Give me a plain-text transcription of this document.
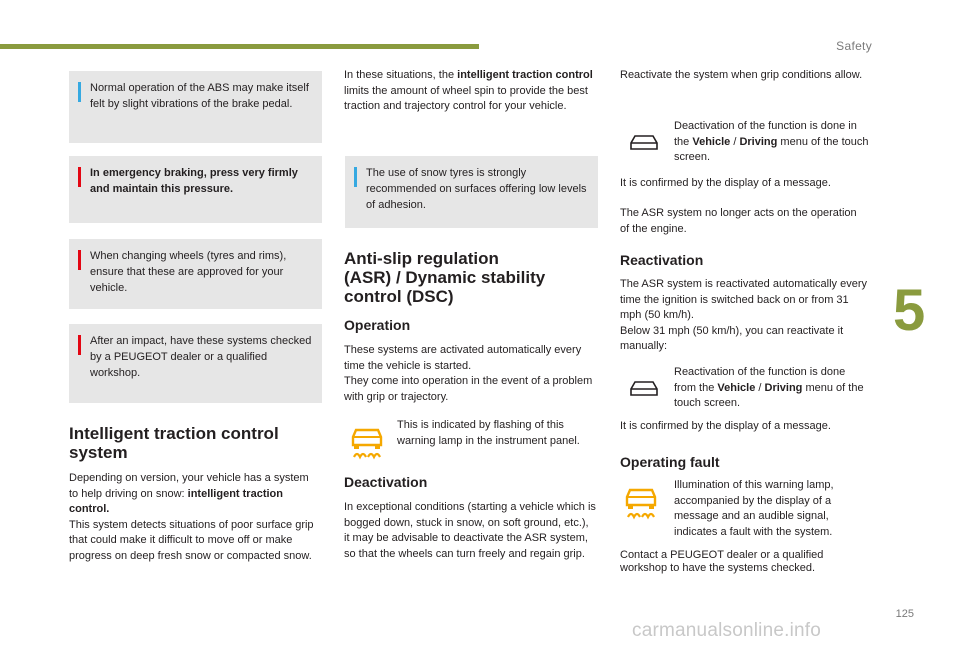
Safety
5
125
carmanualsonline.info

Normal operation of the ABS may make itself felt by slight vibrations of the brake pedal.

In emergency braking, press very firmly and maintain this pressure.

When changing wheels (tyres and rims), ensure that these are approved for your vehicle.

After an impact, have these systems checked by a PEUGEOT dealer or a qualified workshop.

Intelligent traction control
system
Depending on version, your vehicle has a system to help driving on snow: intelligent traction control.
This system detects situations of poor surface grip that could make it difficult to move off or make progress on deep fresh snow or compacted snow.
In these situations, the intelligent traction control limits the amount of wheel spin to provide the best traction and trajectory control for your vehicle.

The use of snow tyres is strongly recommended on surfaces offering low levels of adhesion.

Anti-slip regulation
(ASR) / Dynamic stability
control (DSC)
Operation
These systems are activated automatically every time the vehicle is started.
They come into operation in the event of a problem with grip or trajectory.
This is indicated by flashing of this warning lamp in the instrument panel.
Deactivation
In exceptional conditions (starting a vehicle which is bogged down, stuck in snow, on soft ground, etc.), it may be advisable to deactivate the ASR system, so that the wheels can turn freely and regain grip.
Reactivate the system when grip conditions allow.
Deactivation of the function is done in the Vehicle / Driving menu of the touch screen.
It is confirmed by the display of a message.
The ASR system no longer acts on the operation of the engine.
Reactivation
The ASR system is reactivated automatically every time the ignition is switched back on or from 31 mph (50 km/h).
Below 31 mph (50 km/h), you can reactivate it manually:
Reactivation of the function is done from the Vehicle / Driving menu of the touch screen.
It is confirmed by the display of a message.
Operating fault
Illumination of this warning lamp, accompanied by the display of a message and an audible signal, indicates a fault with the system.
Contact a PEUGEOT dealer or a qualified workshop to have the systems checked.
